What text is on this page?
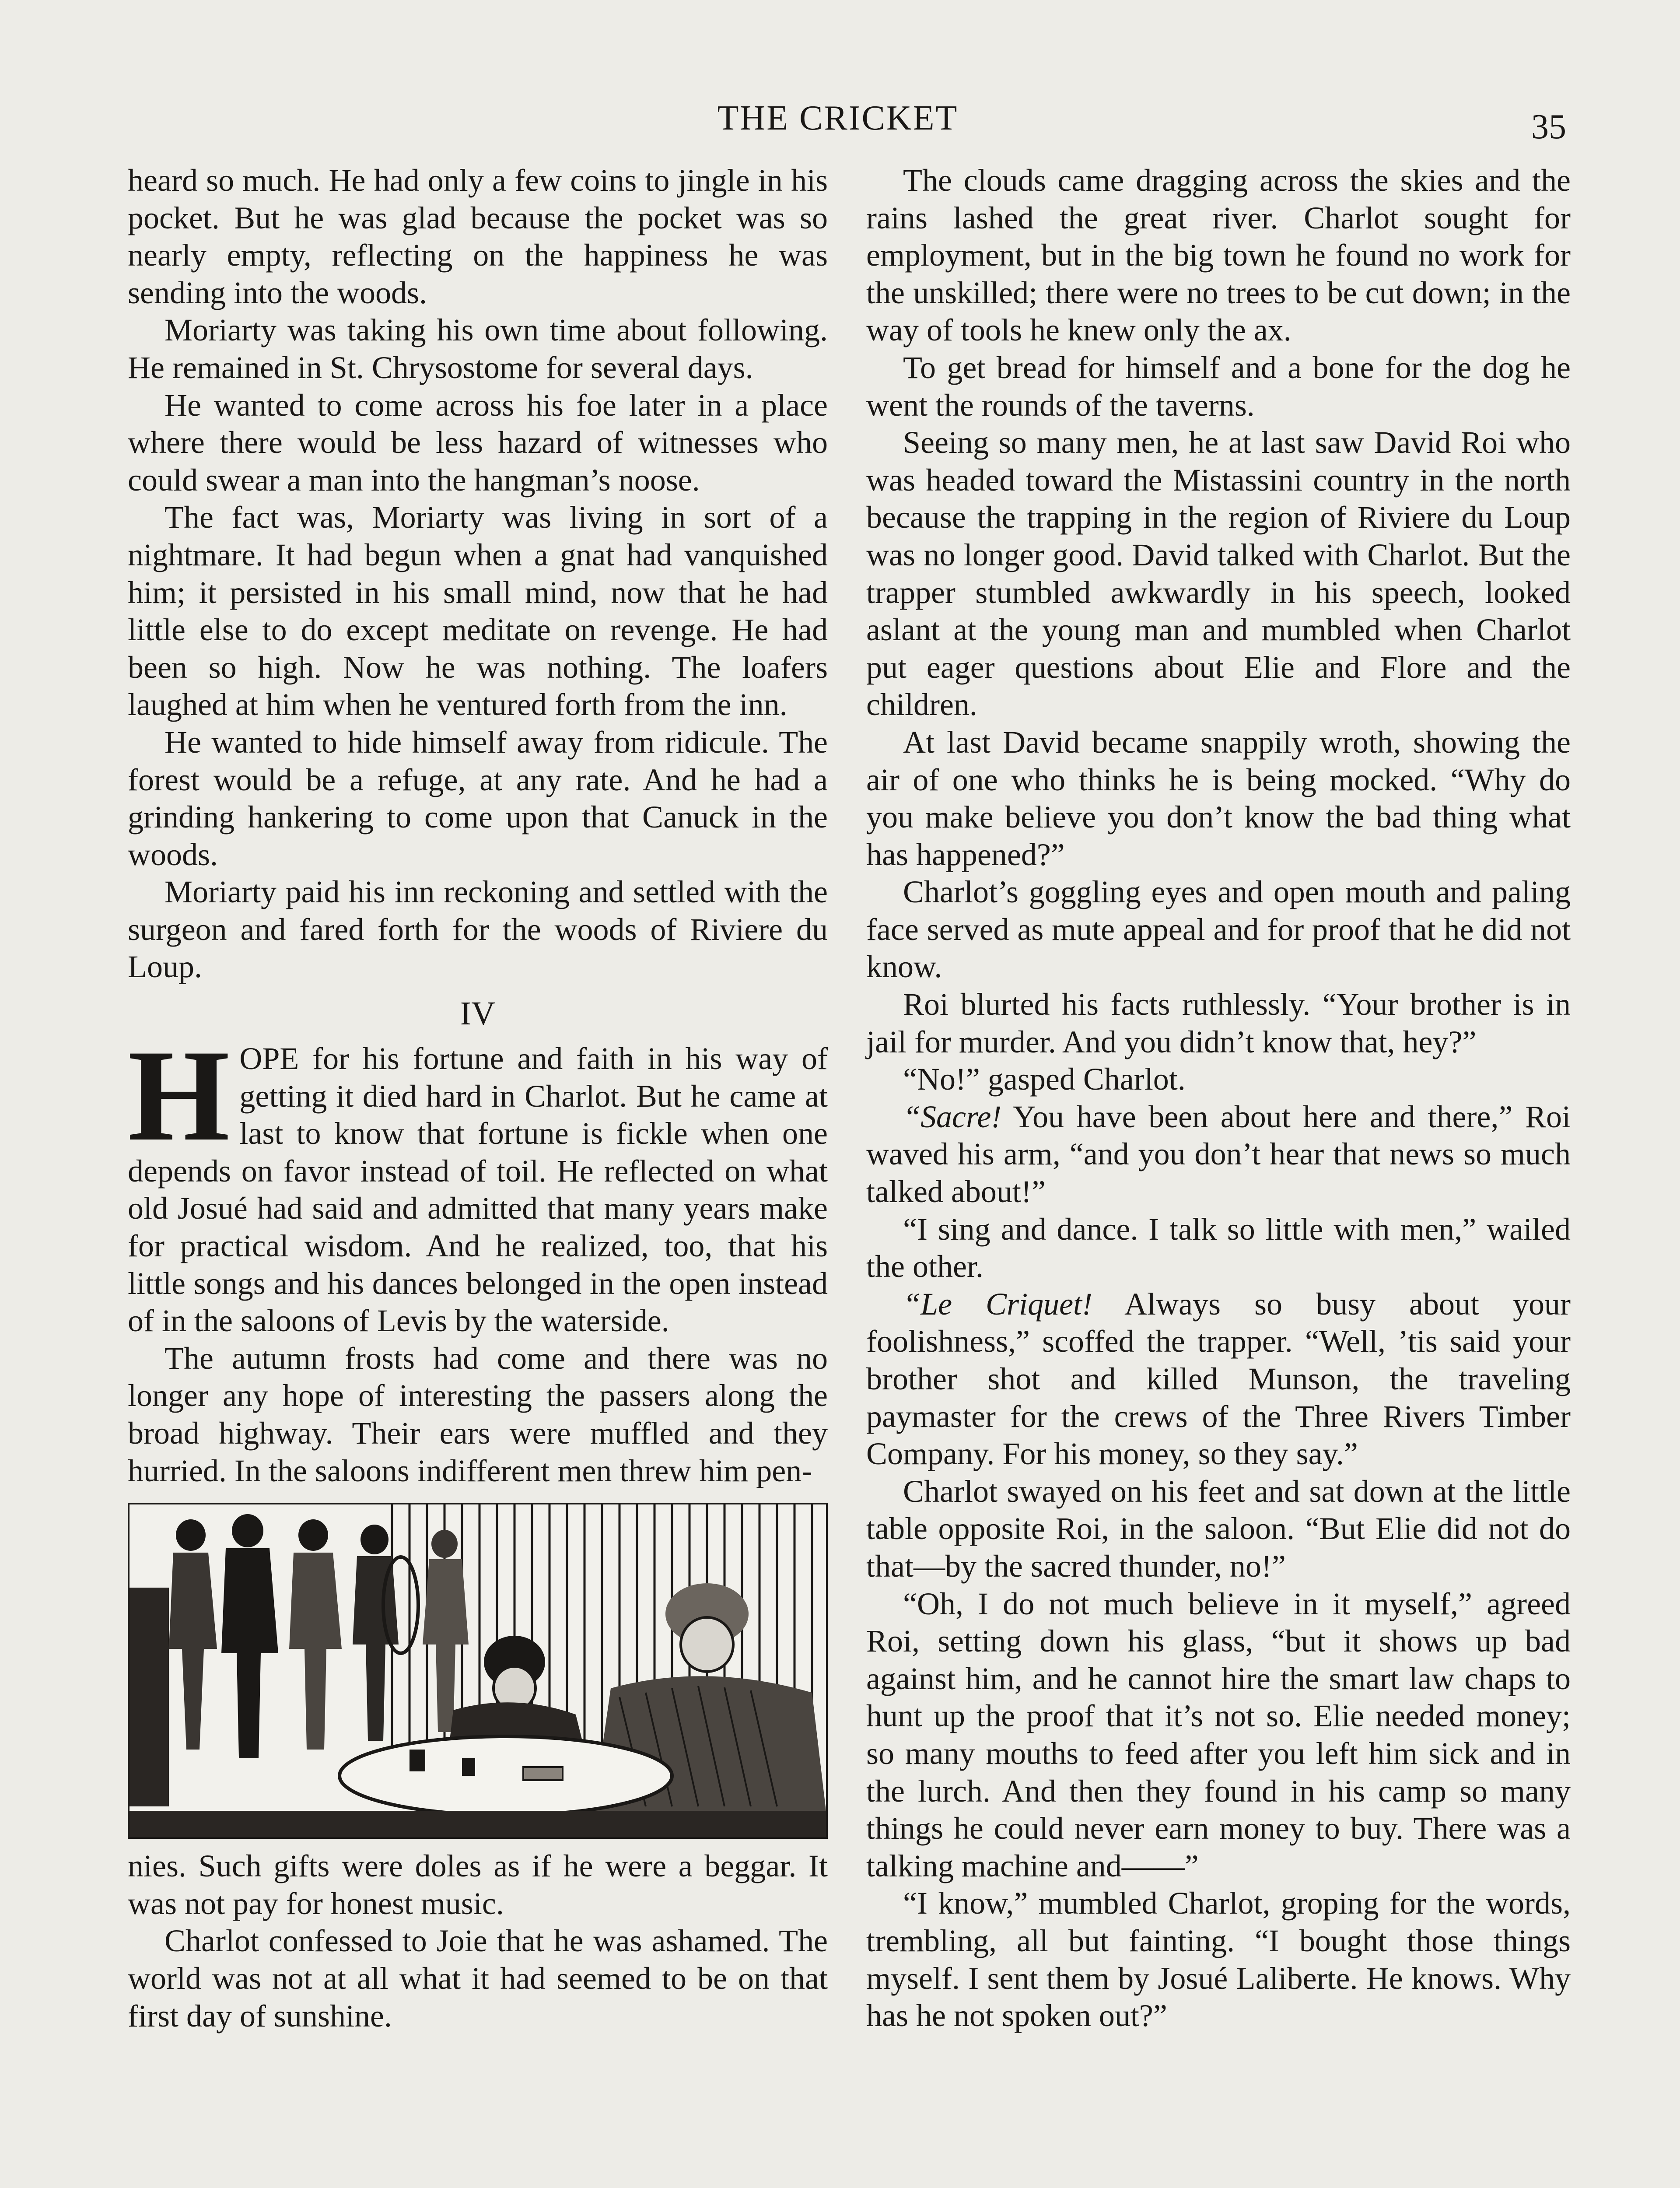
THE CRICKET	35

heard so much. He had only a few coins to jingle in his pocket. But he was glad because the pocket was so nearly empty, reflecting on the happiness he was sending into the woods.

Moriarty was taking his own time about following. He remained in St. Chrysostome for several days.

He wanted to come across his foe later in a place where there would be less hazard of witnesses who could swear a man into the hangman’s noose.

The fact was, Moriarty was living in sort of a nightmare. It had begun when a gnat had vanquished him; it persisted in his small mind, now that he had little else to do except meditate on revenge. He had been so high. Now he was nothing. The loafers laughed at him when he ventured forth from the inn.

He wanted to hide himself away from ridicule. The forest would be a refuge, at any rate. And he had a grinding hankering to come upon that Canuck in the woods.

Moriarty paid his inn reckoning and settled with the surgeon and fared forth for the woods of Riviere du Loup.

IV

HOPE for his fortune and faith in his way of getting it died hard in Charlot. But he came at last to know that fortune is fickle when one depends on favor instead of toil. He reflected on what old Josué had said and admitted that many years make for practical wisdom. And he realized, too, that his little songs and his dances belonged in the open instead of in the saloons of Levis by the waterside.

The autumn frosts had come and there was no longer any hope of interesting the passers along the broad highway. Their ears were muffled and they hurried. In the saloons indifferent men threw him pen-

nies. Such gifts were doles as if he were a beggar. It was not pay for honest music.

Charlot confessed to Joie that he was ashamed. The world was not at all what it had seemed to be on that first day of sunshine.

The clouds came dragging across the skies and the rains lashed the great river. Charlot sought for employment, but in the big town he found no work for the unskilled; there were no trees to be cut down; in the way of tools he knew only the ax.

To get bread for himself and a bone for the dog he went the rounds of the taverns.

Seeing so many men, he at last saw David Roi who was headed toward the Mistassini country in the north because the trapping in the region of Riviere du Loup was no longer good. David talked with Charlot. But the trapper stumbled awkwardly in his speech, looked aslant at the young man and mumbled when Charlot put eager questions about Elie and Flore and the children.

At last David became snappily wroth, showing the air of one who thinks he is being mocked. “Why do you make believe you don’t know the bad thing what has happened?”

Charlot’s goggling eyes and open mouth and paling face served as mute appeal and for proof that he did not know.

Roi blurted his facts ruthlessly. “Your brother is in jail for murder. And you didn’t know that, hey?”

“No!” gasped Charlot.

“Sacre! You have been about here and there,” Roi waved his arm, “and you don’t hear that news so much talked about!”

“I sing and dance. I talk so little with men,” wailed the other.

“Le Criquet! Always so busy about your foolishness,” scoffed the trapper. “Well, ’tis said your brother shot and killed Munson, the traveling paymaster for the crews of the Three Rivers Timber Company. For his money, so they say.”

Charlot swayed on his feet and sat down at the little table opposite Roi, in the saloon. “But Elie did not do that—by the sacred thunder, no!”

“Oh, I do not much believe in it myself,” agreed Roi, setting down his glass, “but it shows up bad against him, and he cannot hire the smart law chaps to hunt up the proof that it’s not so. Elie needed money; so many mouths to feed after you left him sick and in the lurch. And then they found in his camp so many things he could never earn money to buy. There was a talking machine and——”

“I know,” mumbled Charlot, groping for the words, trembling, all but fainting. “I bought those things myself. I sent them by Josué Laliberte. He knows. Why has he not spoken out?”
